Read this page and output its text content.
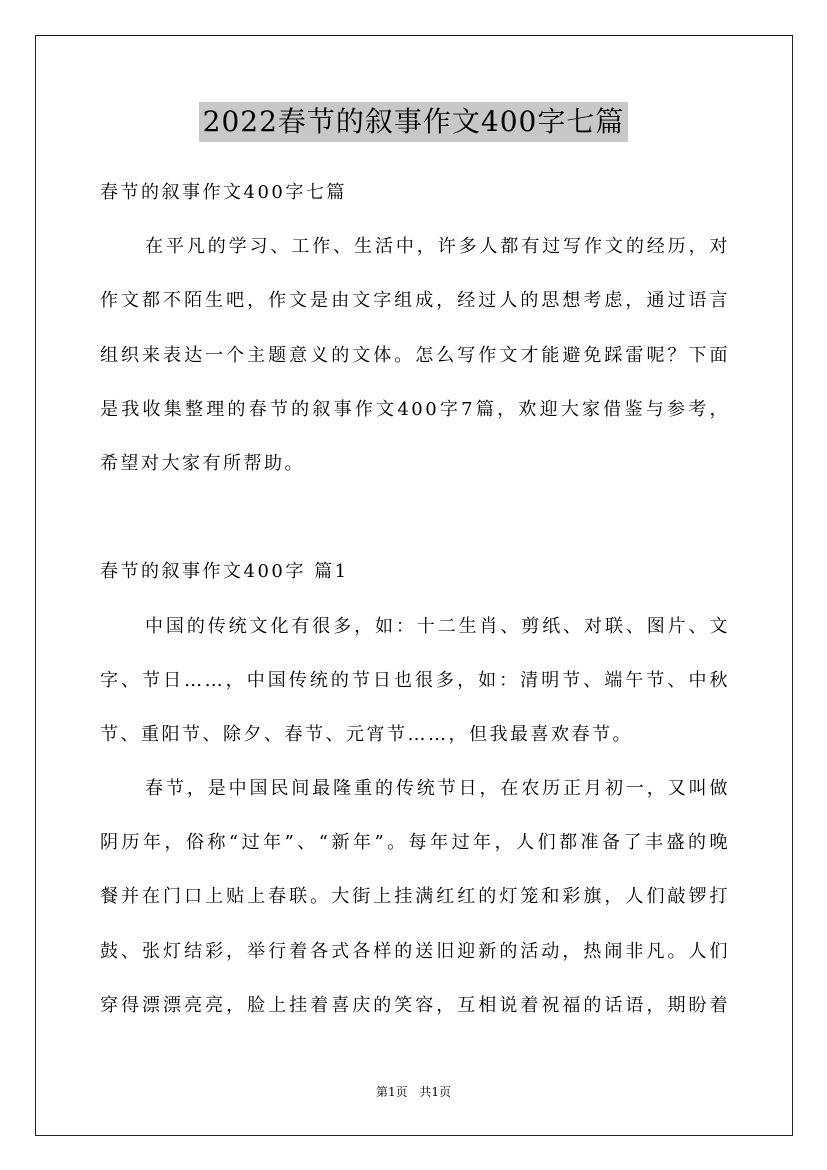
2022春节的叙事作文400字七篇
春节的叙事作文400字七篇
在平凡的学习、工作、生活中，许多人都有过写作文的经历，对
作文都不陌生吧，作文是由文字组成，经过人的思想考虑，通过语言
组织来表达一个主题意义的文体。怎么写作文才能避免踩雷呢？下面
是我收集整理的春节的叙事作文400字7篇，欢迎大家借鉴与参考，
希望对大家有所帮助。
春节的叙事作文400字 篇1
中国的传统文化有很多，如：十二生肖、剪纸、对联、图片、文
字、节日……，中国传统的节日也很多，如：清明节、端午节、中秋
节、重阳节、除夕、春节、元宵节……，但我最喜欢春节。
春节，是中国民间最隆重的传统节日，在农历正月初一，又叫做
阴历年，俗称“过年”、“新年”。每年过年，人们都准备了丰盛的晚
餐并在门口上贴上春联。大街上挂满红红的灯笼和彩旗，人们敲锣打
鼓、张灯结彩，举行着各式各样的送旧迎新的活动，热闹非凡。人们
穿得漂漂亮亮，脸上挂着喜庆的笑容，互相说着祝福的话语，期盼着
第1页 共1页
